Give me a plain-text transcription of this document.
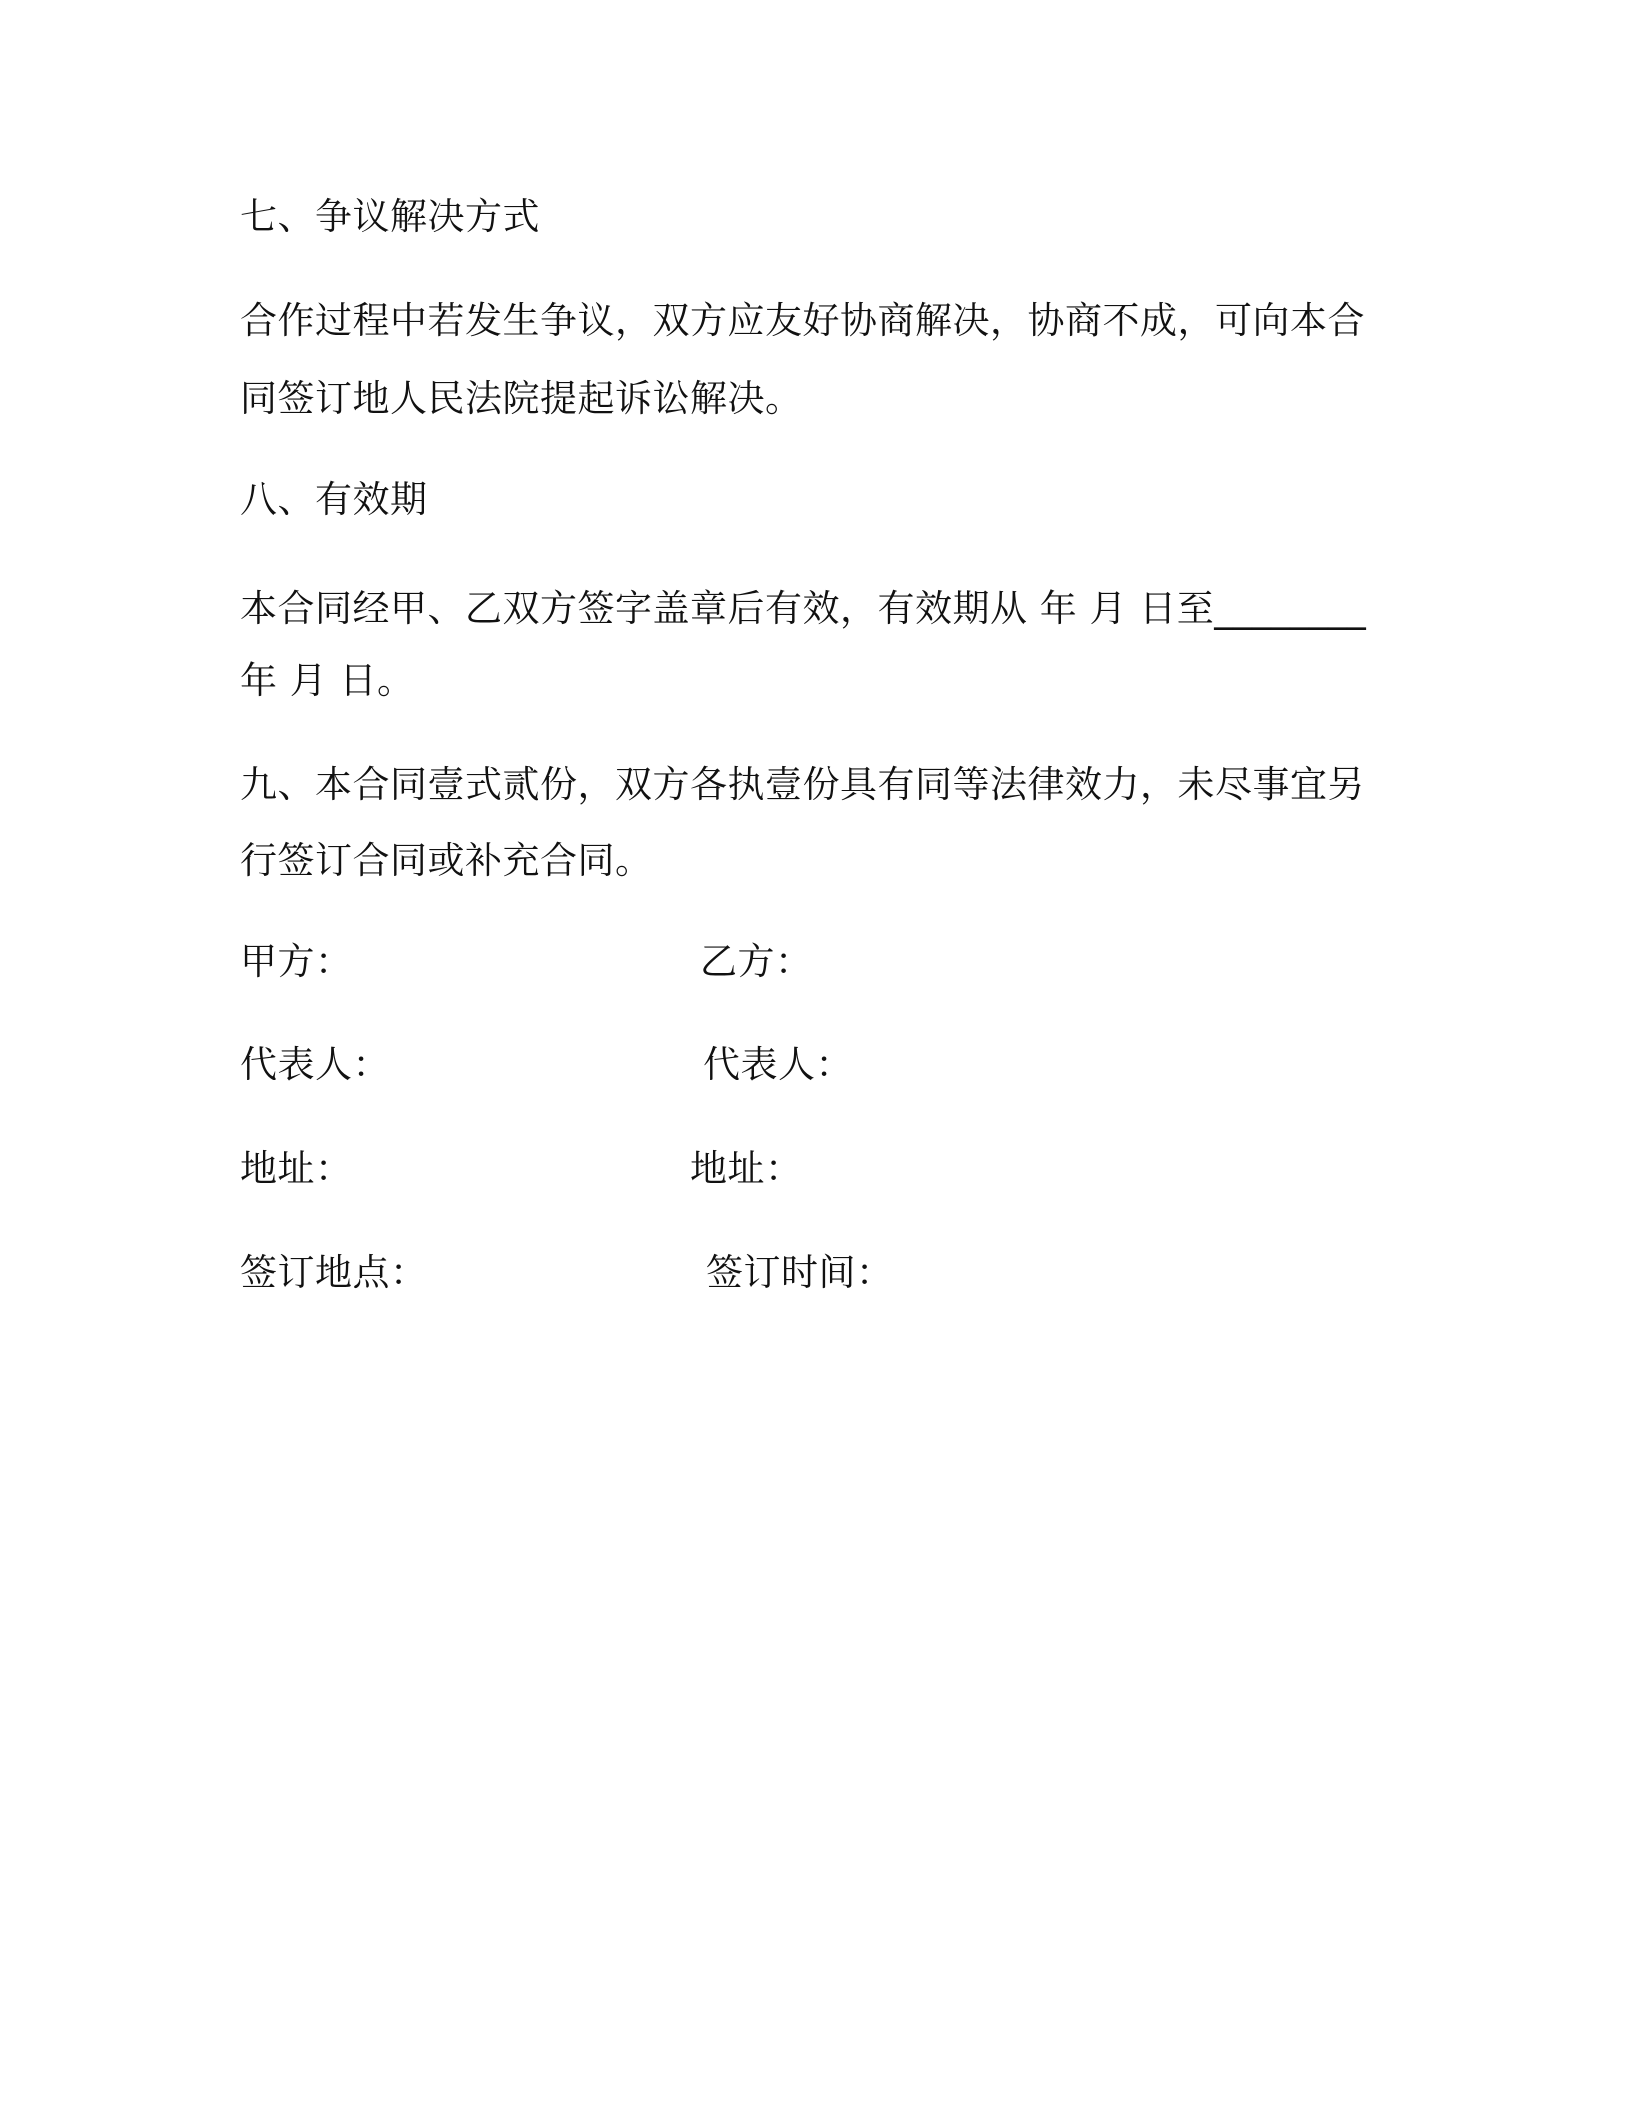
七、争议解决方式
合作过程中若发生争议，双方应友好协商解决，协商不成，可向本合
同签订地人民法院提起诉讼解决。
八、有效期
本合同经甲、乙双方签字盖章后有效，有效期从 年 月 日至________
年 月 日。
九、本合同壹式贰份，双方各执壹份具有同等法律效力，未尽事宜另
行签订合同或补充合同。
甲方：	乙方：
代表人：	代表人：
地址：	地址：
签订地点：	签订时间：
